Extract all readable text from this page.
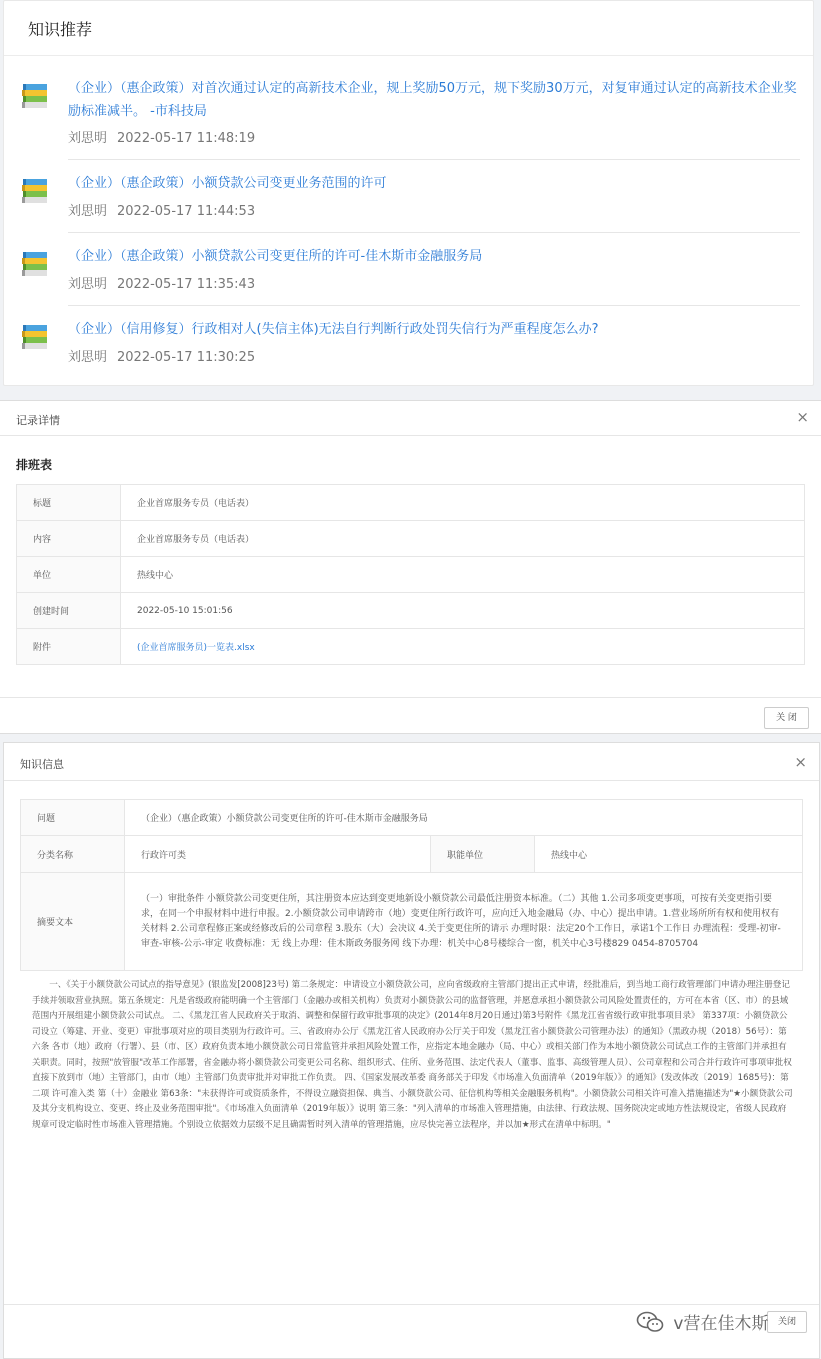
知识推荐
（企业）（惠企政策）对首次通过认定的高新技术企业，规上奖励50万元，规下奖励30万元，对复审通过认定的高新技术企业奖励标准减半。 -市科技局
刘思明 2022-05-17 11:48:19
（企业）（惠企政策）小额贷款公司变更业务范围的许可
刘思明 2022-05-17 11:44:53
（企业）（惠企政策）小额贷款公司变更住所的许可-佳木斯市金融服务局
刘思明 2022-05-17 11:35:43
（企业）（信用修复）行政相对人(失信主体)无法自行判断行政处罚失信行为严重程度怎么办?
刘思明 2022-05-17 11:30:25
记录详情	×
排班表
标题	企业首席服务专员（电话表）
内容	企业首席服务专员（电话表）
单位	热线中心
创建时间	2022-05-10 15:01:56
附件	(企业首席服务员)一览表.xlsx
关 闭
知识信息	×
问题	（企业）（惠企政策）小额贷款公司变更住所的许可-佳木斯市金融服务局		
分类名称	行政许可类	职能单位	热线中心
摘要文本	（一）审批条件 小额贷款公司变更住所，其注册资本应达到变更地新设小额贷款公司最低注册资本标准。（二）其他 1.公司多项变更事项，可按有关变更指引要求，在同一个申报材料中进行申报。2.小额贷款公司申请跨市（地）变更住所行政许可，应向迁入地金融局（办、中心）提出申请。1.营业场所所有权和使用权有关材料 2.公司章程修正案或经修改后的公司章程 3.股东（大）会决议 4.关于变更住所的请示 办理时限：法定20个工作日，承诺1个工作日 办理流程：受理-初审-审查-审核-公示-审定 收费标准：无 线上办理：佳木斯政务服务网 线下办理：机关中心8号楼综合一窗，机关中心3号楼829 0454-8705704		
一、《关于小额贷款公司试点的指导意见》(银监发[2008]23号) 第二条规定：申请设立小额贷款公司，应向省级政府主管部门提出正式申请，经批准后，到当地工商行政管理部门申请办理注册登记手续并领取营业执照。第五条规定：凡是省级政府能明确一个主管部门（金融办或相关机构）负责对小额贷款公司的监督管理，并愿意承担小额贷款公司风险处置责任的，方可在本省（区、市）的县域范围内开展组建小额贷款公司试点。 二、《黑龙江省人民政府关于取消、调整和保留行政审批事项的决定》(2014年8月20日通过)第3号附件《黑龙江省省级行政审批事项目录》 第337项：小额贷款公司设立（筹建、开业、变更）审批事项对应的项目类别为行政许可。三、省政府办公厅《黑龙江省人民政府办公厅关于印发（黑龙江省小额贷款公司管理办法）的通知》（黑政办规（2018）56号）：第六条 各市（地）政府（行署）、县（市、区）政府负责本地小额贷款公司日常监管并承担风险处置工作，应指定本地金融办（局、中心）或相关部门作为本地小额贷款公司试点工作的主管部门并承担有关职责。同时，按照"放管服"改革工作部署，省金融办将小额贷款公司变更公司名称、组织形式、住所、业务范围、法定代表人（董事、监事、高级管理人员）、公司章程和公司合并行政许可事项审批权直接下放到市（地）主管部门，由市（地）主管部门负责审批并对审批工作负责。 四、《国家发展改革委 商务部关于印发《市场准入负面清单（2019年版）》的通知》(发改体改〔2019〕1685号)：第二项 许可准入类 第（十）金融业 第63条："未获得许可或资质条件，不得设立融资担保、典当、小额贷款公司、征信机构等相关金融服务机构"。小额贷款公司相关许可准入措施描述为"★小额贷款公司及其分支机构设立、变更、终止及业务范围审批"。《市场准入负面清单（2019年版）》说明 第三条："列入清单的市场准入管理措施，由法律、行政法规、国务院决定或地方性法规设定，省级人民政府规章可设定临时性市场准入管理措施。个别设立依据效力层级不足且确需暂时列入清单的管理措施，应尽快完善立法程序，并以加★形式在清单中标明。"
关闭
v营在佳木斯
